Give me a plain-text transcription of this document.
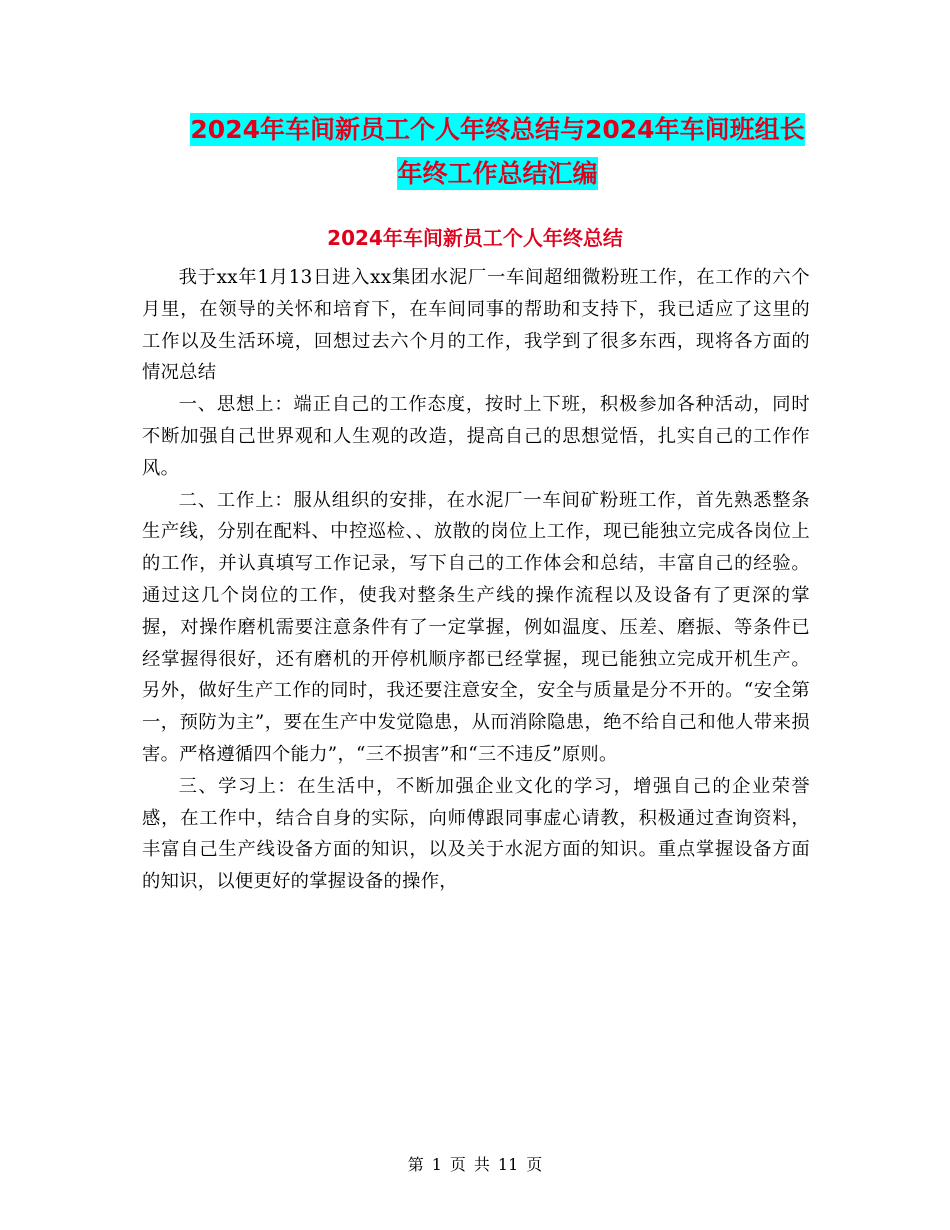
2024年车间新员工个人年终总结与2024年车间班组长
年终工作总结汇编
2024年车间新员工个人年终总结

我于xx年1月13日进入xx集团水泥厂一车间超细微粉班工作，在工作的六个月里，在领导的关怀和培育下，在车间同事的帮助和支持下，我已适应了这里的工作以及生活环境，回想过去六个月的工作，我学到了很多东西，现将各方面的情况总结

一、思想上：端正自己的工作态度，按时上下班，积极参加各种活动，同时不断加强自己世界观和人生观的改造，提高自己的思想觉悟，扎实自己的工作作风。

二、工作上：服从组织的安排，在水泥厂一车间矿粉班工作，首先熟悉整条生产线，分别在配料、中控巡检、、放散的岗位上工作，现已能独立完成各岗位上的工作，并认真填写工作记录，写下自己的工作体会和总结，丰富自己的经验。通过这几个岗位的工作，使我对整条生产线的操作流程以及设备有了更深的掌握，对操作磨机需要注意条件有了一定掌握，例如温度、压差、磨振、等条件已经掌握得很好，还有磨机的开停机顺序都已经掌握，现已能独立完成开机生产。另外，做好生产工作的同时，我还要注意安全，安全与质量是分不开的。“安全第一，预防为主”，要在生产中发觉隐患，从而消除隐患，绝不给自己和他人带来损害。严格遵循四个能力”，“三不损害”和“三不违反”原则。

三、学习上：在生活中，不断加强企业文化的学习，增强自己的企业荣誉感，在工作中，结合自身的实际，向师傅跟同事虚心请教，积极通过查询资料，丰富自己生产线设备方面的知识，以及关于水泥方面的知识。重点掌握设备方面的知识，以便更好的掌握设备的操作，

第 1 页 共 11 页
